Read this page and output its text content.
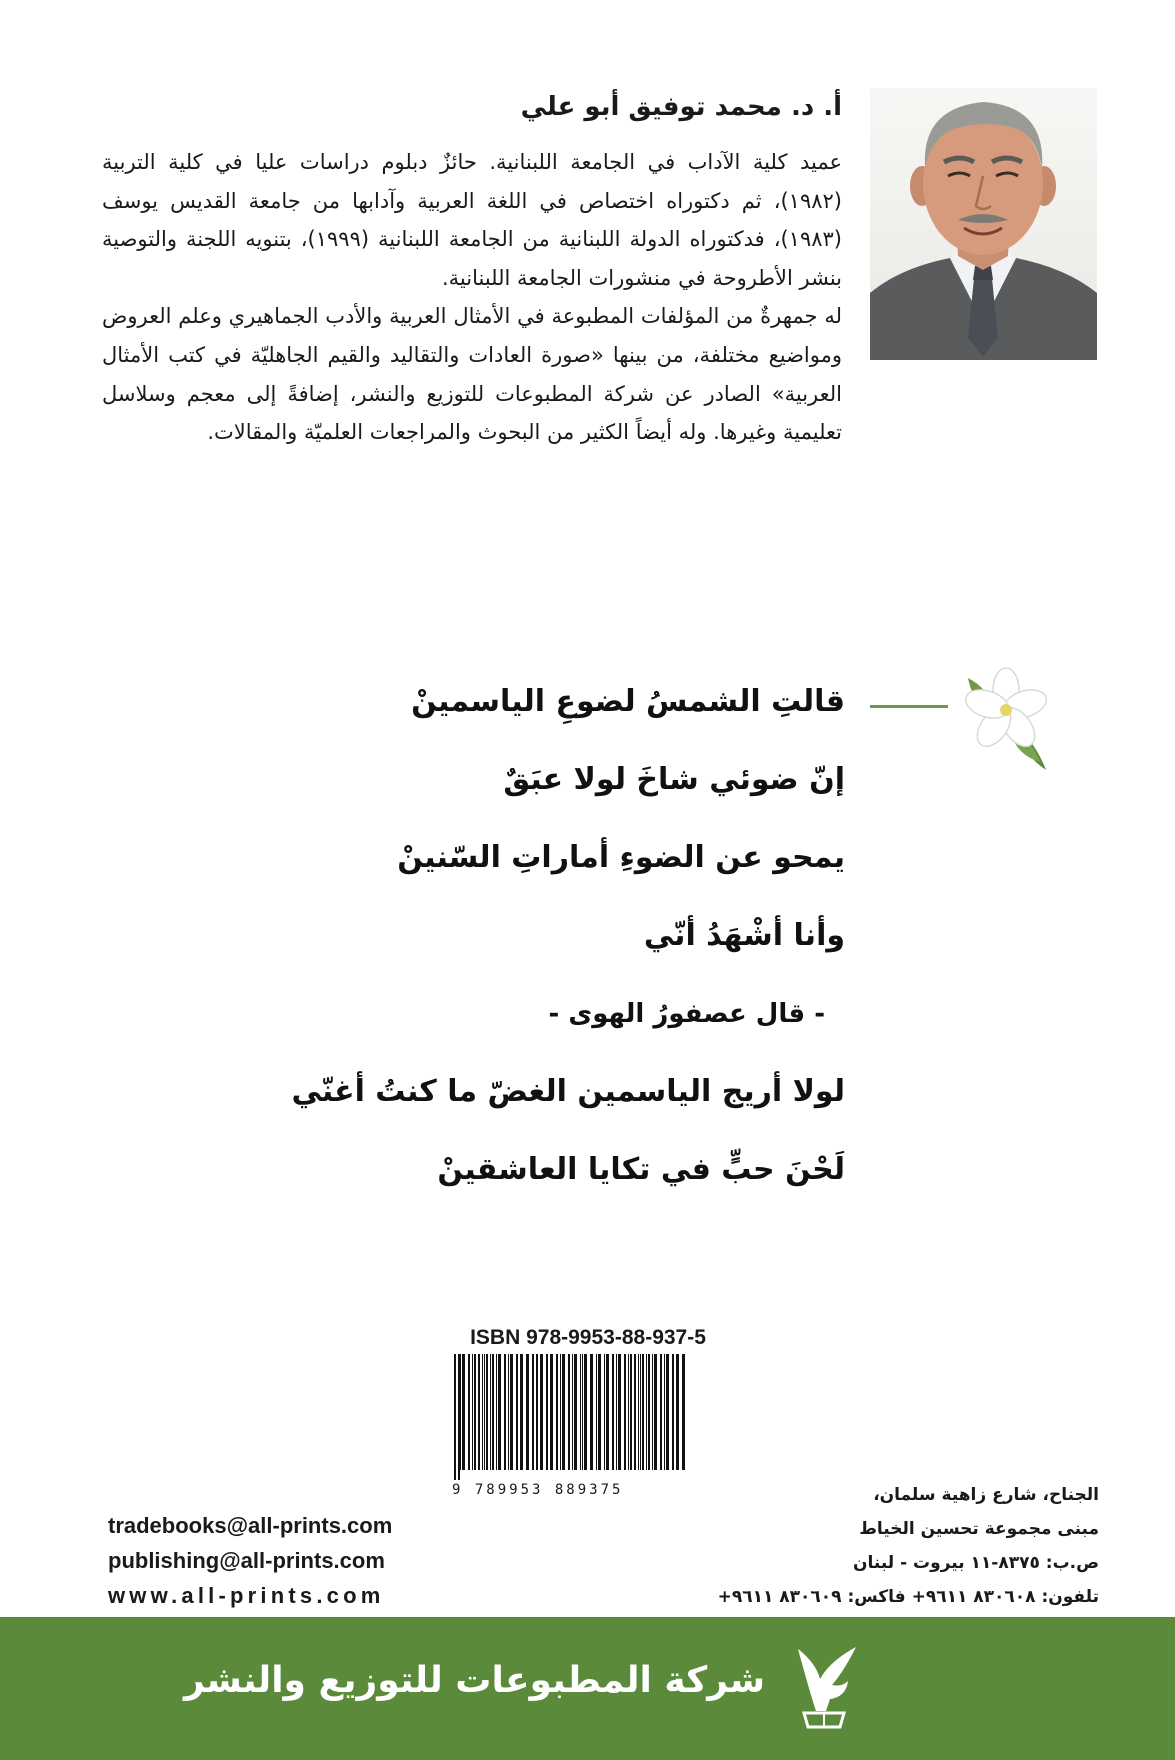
أ. د. محمد توفيق أبو علي

عميد كلية الآداب في الجامعة اللبنانية. حائزٌ دبلوم دراسات عليا في كلية التربية (١٩٨٢)، ثم دكتوراه اختصاص في اللغة العربية وآدابها من جامعة القديس يوسف (١٩٨٣)، فدكتوراه الدولة اللبنانية من الجامعة اللبنانية (١٩٩٩)، بتنويه اللجنة والتوصية بنشر الأطروحة في منشورات الجامعة اللبنانية.

له جمهرةٌ من المؤلفات المطبوعة في الأمثال العربية والأدب الجماهيري وعلم العروض ومواضيع مختلفة، من بينها «صورة العادات والتقاليد والقيم الجاهليّة في كتب الأمثال العربية» الصادر عن شركة المطبوعات للتوزيع والنشر، إضافةً إلى معجم وسلاسل تعليمية وغيرها. وله أيضاً الكثير من البحوث والمراجعات العلميّة والمقالات.

قالتِ الشمسُ لضوعِ الياسمينْ
إنّ ضوئي شاخَ لولا عبَقٌ
يمحو عن الضوءِ أماراتِ السّنينْ
وأنا أشْهَدُ أنّي
- قال عصفورُ الهوى -
لولا أريج الياسمين الغضّ ما كنتُ أغنّي
لَحْنَ حبٍّ في تكايا العاشقينْ
ISBN 978-9953-88-937-5
9 789953 889375
tradebooks@all-prints.com
publishing@all-prints.com
www.all-prints.com
الجناح، شارع زاهية سلمان،
مبنى مجموعة تحسين الخياط
ص.ب: ٨٣٧٥-١١ بيروت - لبنان
تلفون: ٨٣٠٦٠٨ ٩٦١١+ فاكس: ٨٣٠٦٠٩ ٩٦١١+
شركة المطبوعات للتوزيع والنشر
